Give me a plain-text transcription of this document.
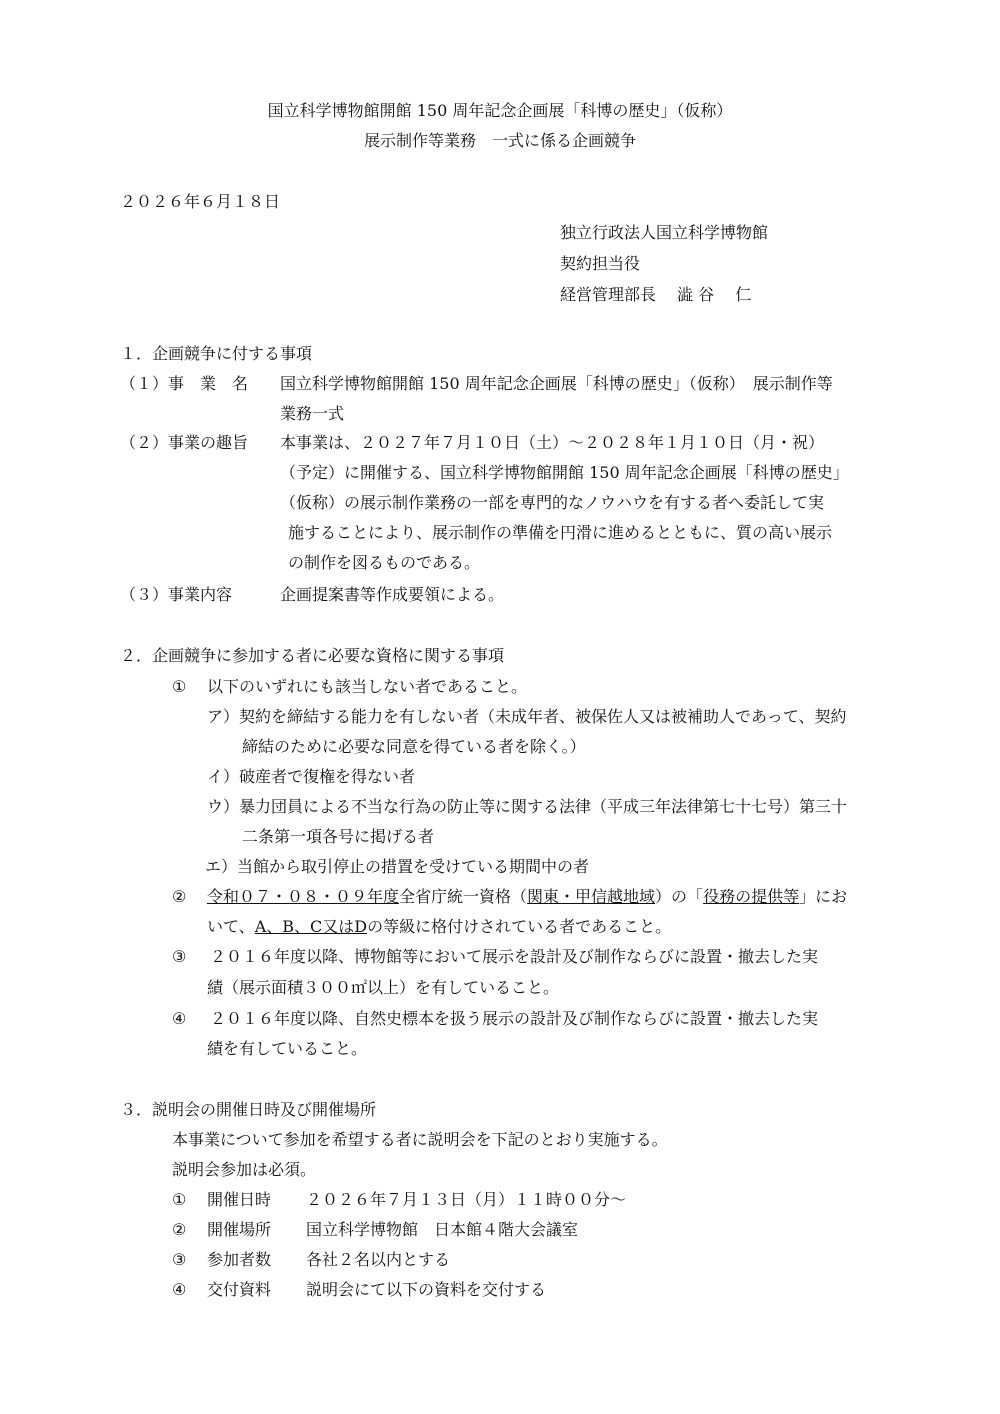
国立科学博物館開館 150 周年記念企画展「科博の歴史」（仮称）
展示制作等業務　一式に係る企画競争
２０２６年６月１８日
独立行政法人国立科学博物館
契約担当役
経営管理部長　 澁 谷　 仁
１．企画競争に付する事項
（１）事　業　名 国立科学博物館開館 150 周年記念企画展「科博の歴史」（仮称）　展示制作等
業務一式
（２）事業の趣旨 本事業は、２０２７年７月１０日（土）～２０２８年１月１０日（月・祝）
（予定）に開催する、国立科学博物館開館 150 周年記念企画展「科博の歴史」
（仮称）の展示制作業務の一部を専門的なノウハウを有する者へ委託して実
施することにより、展示制作の準備を円滑に進めるとともに、質の高い展示
の制作を図るものである。
（３）事業内容	企画提案書等作成要領による。
２．企画競争に参加する者に必要な資格に関する事項
① 以下のいずれにも該当しない者であること。
ア）契約を締結する能力を有しない者（未成年者、被保佐人又は被補助人であって、契約
締結のために必要な同意を得ている者を除く。）
イ）破産者で復権を得ない者
ウ）暴力団員による不当な行為の防止等に関する法律（平成三年法律第七十七号）第三十
二条第一項各号に掲げる者
エ）当館から取引停止の措置を受けている期間中の者
② 令和０７・０８・０９年度全省庁統一資格（関東・甲信越地域）の「役務の提供等」にお
いて、A、B、C又はDの等級に格付けされている者であること。
③ ２０１６年度以降、博物館等において展示を設計及び制作ならびに設置・撤去した実
績（展示面積３００㎡以上）を有していること。
④ ２０１６年度以降、自然史標本を扱う展示の設計及び制作ならびに設置・撤去した実
績を有していること。
３．説明会の開催日時及び開催場所
本事業について参加を希望する者に説明会を下記のとおり実施する。
説明会参加は必須。
① 開催日時 ２０２６年７月１３日（月）１１時００分～
② 開催場所 国立科学博物館　日本館４階大会議室
③ 参加者数 各社２名以内とする
④ 交付資料 説明会にて以下の資料を交付する
